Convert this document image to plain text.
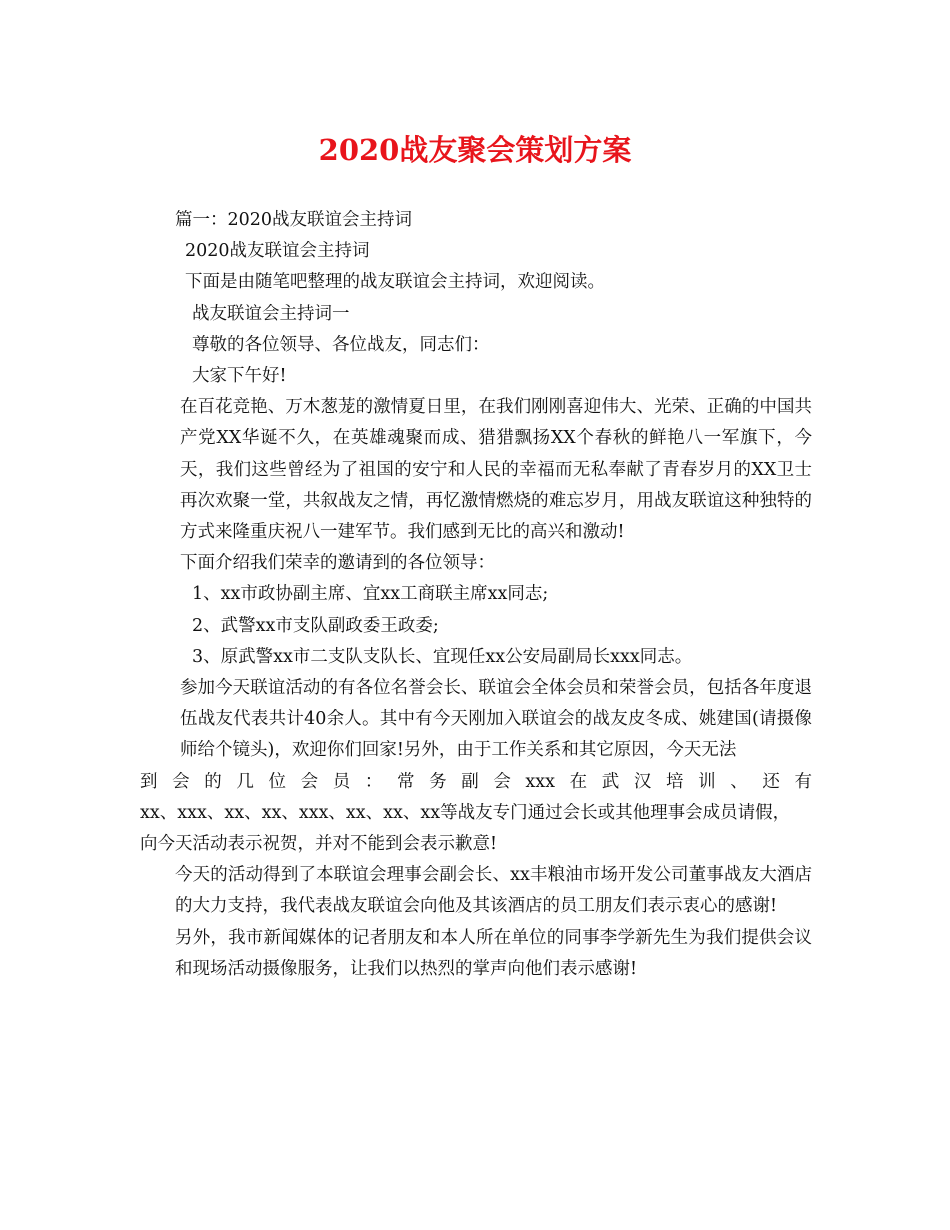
2020战友聚会策划方案

篇一：2020战友联谊会主持词

2020战友联谊会主持词

下面是由随笔吧整理的战友联谊会主持词，欢迎阅读。

战友联谊会主持词一

尊敬的各位领导、各位战友，同志们：

大家下午好!

在百花竞艳、万木葱茏的激情夏日里，在我们刚刚喜迎伟大、光荣、正确的中国共产党XX华诞不久，在英雄魂聚而成、猎猎飘扬XX个春秋的鲜艳八一军旗下，今天，我们这些曾经为了祖国的安宁和人民的幸福而无私奉献了青春岁月的XX卫士再次欢聚一堂，共叙战友之情，再忆激情燃烧的难忘岁月，用战友联谊这种独特的方式来隆重庆祝八一建军节。我们感到无比的高兴和激动!

下面介绍我们荣幸的邀请到的各位领导：

1、xx市政协副主席、宜xx工商联主席xx同志;

2、武警xx市支队副政委王政委;

3、原武警xx市二支队支队长、宜现任xx公安局副局长xxx同志。

参加今天联谊活动的有各位名誉会长、联谊会全体会员和荣誉会员，包括各年度退伍战友代表共计40余人。其中有今天刚加入联谊会的战友皮冬成、姚建国(请摄像师给个镜头)，欢迎你们回家!另外，由于工作关系和其它原因，今天无法

到会的几位会员：常务副会xxx在武汉培训、还有

xx、xxx、xx、xx、xxx、xx、xx、xx等战友专门通过会长或其他理事会成员请假，

向今天活动表示祝贺，并对不能到会表示歉意!

今天的活动得到了本联谊会理事会副会长、xx丰粮油市场开发公司董事战友大酒店的大力支持，我代表战友联谊会向他及其该酒店的员工朋友们表示衷心的感谢!

另外，我市新闻媒体的记者朋友和本人所在单位的同事李学新先生为我们提供会议和现场活动摄像服务，让我们以热烈的掌声向他们表示感谢!
